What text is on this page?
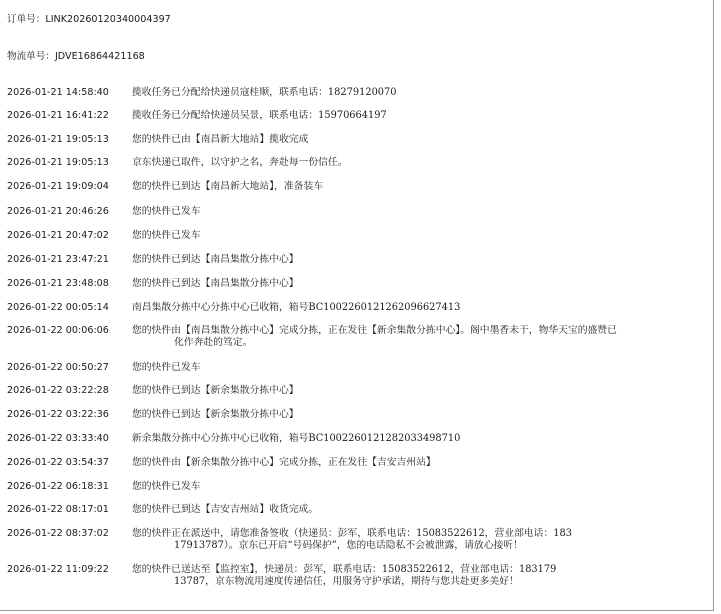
订单号：LINK20260120340004397
物流单号：JDVE16864421168
2026-01-21 14:58:40 揽收任务已分配给快递员寇桂顺，联系电话：18279120070
2026-01-21 16:41:22 揽收任务已分配给快递员吴景，联系电话：15970664197
2026-01-21 19:05:13 您的快件已由【南昌新大地站】揽收完成
2026-01-21 19:05:13 京东快递已取件，以守护之名，奔赴每一份信任。
2026-01-21 19:09:04 您的快件已到达【南昌新大地站】，准备装车
2026-01-21 20:46:26 您的快件已发车
2026-01-21 20:47:02 您的快件已发车
2026-01-21 23:47:21 您的快件已到达【南昌集散分拣中心】
2026-01-21 23:48:08 您的快件已到达【南昌集散分拣中心】
2026-01-22 00:05:14 南昌集散分拣中心分拣中心已收箱，箱号BC1002260121262096627413
2026-01-22 00:06:06 您的快件由【南昌集散分拣中心】完成分拣，正在发往【新余集散分拣中心】。阁中墨香未干，物华天宝的盛赞已
化作奔赴的笃定。
2026-01-22 00:50:27 您的快件已发车
2026-01-22 03:22:28 您的快件已到达【新余集散分拣中心】
2026-01-22 03:22:36 您的快件已到达【新余集散分拣中心】
2026-01-22 03:33:40 新余集散分拣中心分拣中心已收箱，箱号BC1002260121282033498710
2026-01-22 03:54:37 您的快件由【新余集散分拣中心】完成分拣，正在发往【吉安吉州站】
2026-01-22 06:18:31 您的快件已发车
2026-01-22 08:17:01 您的快件已到达【吉安吉州站】收货完成。
2026-01-22 08:37:02 您的快件正在派送中，请您准备签收（快递员：彭军，联系电话：15083522612，营业部电话：183
17913787）。京东已开启“号码保护”，您的电话隐私不会被泄露，请放心接听！
2026-01-22 11:09:22 您的快件已送达至【监控室】，快递员：彭军，联系电话：15083522612，营业部电话：183179
13787，京东物流用速度传递信任，用服务守护承诺，期待与您共赴更多美好！
